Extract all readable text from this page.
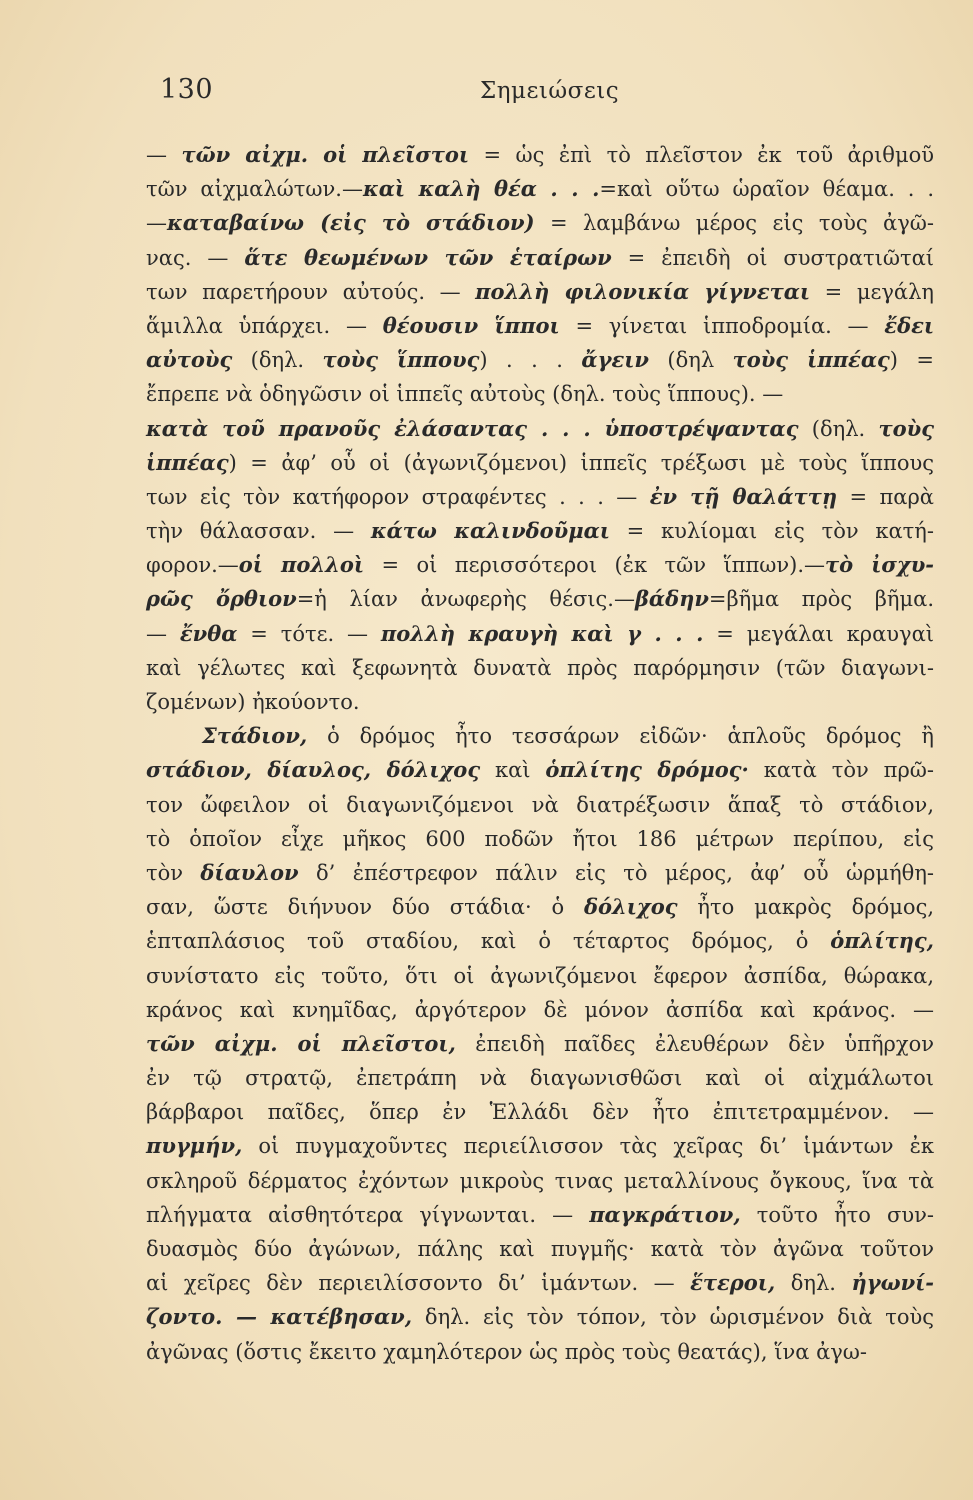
130	Σημειώσεις
— τῶν αἰχμ. οἱ πλεῖστοι = ὡς ἐπὶ τὸ πλεῖστον ἐκ τοῦ ἀριθμοῦ
τῶν αἰχμαλώτων.—καὶ καλὴ θέα . . .=καὶ οὕτω ὡραῖον θέαμα. . .
—καταβαίνω (εἰς τὸ στάδιον) = λαμβάνω μέρος εἰς τοὺς ἀγῶ-
νας. — ἅτε θεωμένων τῶν ἑταίρων = ἐπειδὴ οἱ συστρατιῶταί
των παρετήρουν αὐτούς. — πολλὴ φιλονικία γίγνεται = μεγάλη
ἅμιλλα ὑπάρχει. — θέουσιν ἵπποι = γίνεται ἱπποδρομία. — ἔδει
αὐτοὺς (δηλ. τοὺς ἵππους) . . . ἄγειν (δηλ τοὺς ἱππέας) =
ἔπρεπε νὰ ὁδηγῶσιν οἱ ἱππεῖς αὐτοὺς (δηλ. τοὺς ἵππους). —
κατὰ τοῦ πρανοῦς ἐλάσαντας . . . ὑποστρέψαντας (δηλ. τοὺς
ἱππέας) = ἀφ’ οὗ οἱ (ἀγωνιζόμενοι) ἱππεῖς τρέξωσι μὲ τοὺς ἵππους
των εἰς τὸν κατήφορον στραφέντες . . . — ἐν τῇ θαλάττῃ = παρὰ
τὴν θάλασσαν. — κάτω καλινδοῦμαι = κυλίομαι εἰς τὸν κατή-
φορον.—οἱ πολλοὶ = οἱ περισσότεροι (ἐκ τῶν ἵππων).—τὸ ἰσχυ-
ρῶς ὄρθιον=ἡ λίαν ἀνωφερὴς θέσις.—βάδην=βῆμα πρὸς βῆμα.
— ἔνθα = τότε. — πολλὴ κραυγὴ καὶ γ . . . = μεγάλαι κραυγαὶ
καὶ γέλωτες καὶ ξεφωνητὰ δυνατὰ πρὸς παρόρμησιν (τῶν διαγωνι-
ζομένων) ἠκούοντο.
Στάδιον, ὁ δρόμος ἦτο τεσσάρων εἰδῶν· ἁπλοῦς δρόμος ἢ
στάδιον, δίαυλος, δόλιχος καὶ ὁπλίτης δρόμος· κατὰ τὸν πρῶ-
τον ὤφειλον οἱ διαγωνιζόμενοι νὰ διατρέξωσιν ἅπαξ τὸ στάδιον,
τὸ ὁποῖον εἶχε μῆκος 600 ποδῶν ἤτοι 186 μέτρων περίπου, εἰς
τὸν δίαυλον δ’ ἐπέστρεφον πάλιν εἰς τὸ μέρος, ἀφ’ οὗ ὡρμήθη-
σαν, ὥστε διήνυον δύο στάδια· ὁ δόλιχος ἦτο μακρὸς δρόμος,
ἑπταπλάσιος τοῦ σταδίου, καὶ ὁ τέταρτος δρόμος, ὁ ὁπλίτης,
συνίστατο εἰς τοῦτο, ὅτι οἱ ἀγωνιζόμενοι ἔφερον ἀσπίδα, θώρακα,
κράνος καὶ κνημῖδας, ἀργότερον δὲ μόνον ἀσπίδα καὶ κράνος. —
τῶν αἰχμ. οἱ πλεῖστοι, ἐπειδὴ παῖδες ἐλευθέρων δὲν ὑπῆρχον
ἐν τῷ στρατῷ, ἐπετράπη νὰ διαγωνισθῶσι καὶ οἱ αἰχμάλωτοι
βάρβαροι παῖδες, ὅπερ ἐν Ἑλλάδι δὲν ἦτο ἐπιτετραμμένον. —
πυγμήν, οἱ πυγμαχοῦντες περιείλισσον τὰς χεῖρας δι’ ἱμάντων ἐκ
σκληροῦ δέρματος ἐχόντων μικροὺς τινας μεταλλίνους ὄγκους, ἵνα τὰ
πλήγματα αἰσθητότερα γίγνωνται. — παγκράτιον, τοῦτο ἦτο συν-
δυασμὸς δύο ἀγώνων, πάλης καὶ πυγμῆς· κατὰ τὸν ἀγῶνα τοῦτον
αἱ χεῖρες δὲν περιειλίσσοντο δι’ ἱμάντων. — ἕτεροι, δηλ. ἠγωνί-
ζοντο. — κατέβησαν, δηλ. εἰς τὸν τόπον, τὸν ὡρισμένον διὰ τοὺς
ἀγῶνας (ὅστις ἔκειτο χαμηλότερον ὡς πρὸς τοὺς θεατάς), ἵνα ἀγω-
